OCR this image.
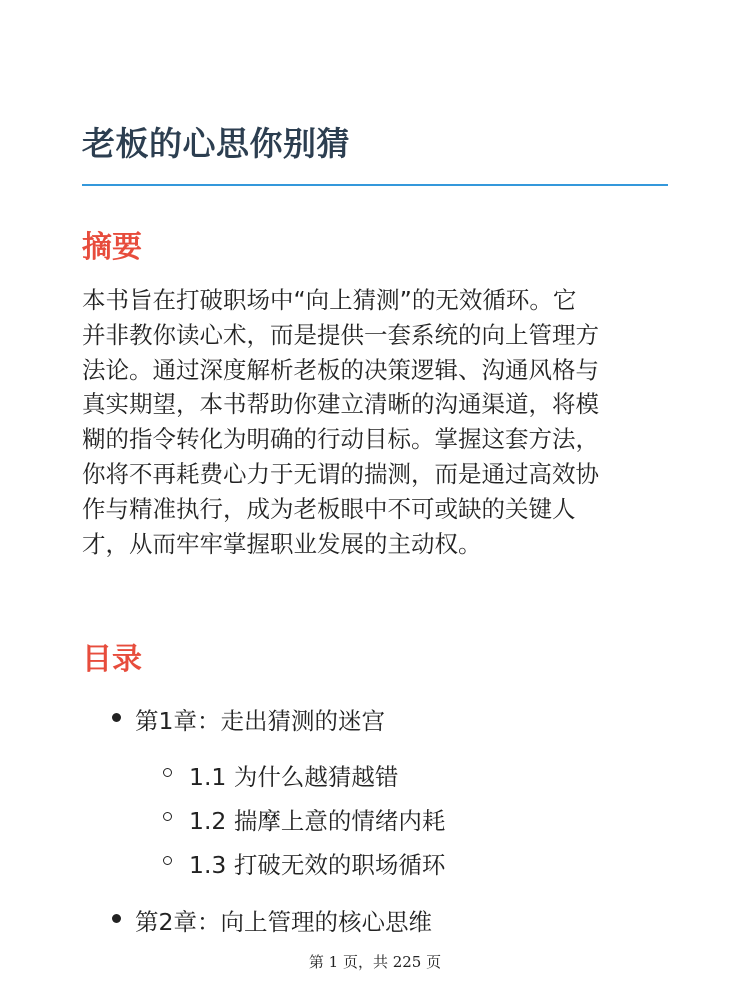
老板的心思你别猜
摘要
本书旨在打破职场中“向上猜测”的无效循环。它
并非教你读心术，而是提供一套系统的向上管理方
法论。通过深度解析老板的决策逻辑、沟通风格与
真实期望，本书帮助你建立清晰的沟通渠道，将模
糊的指令转化为明确的行动目标。掌握这套方法，
你将不再耗费心力于无谓的揣测，而是通过高效协
作与精准执行，成为老板眼中不可或缺的关键人
才，从而牢牢掌握职业发展的主动权。
目录
第1章：走出猜测的迷宫
1.1 为什么越猜越错
1.2 揣摩上意的情绪内耗
1.3 打破无效的职场循环
第2章：向上管理的核心思维
第 1 页，共 225 页
